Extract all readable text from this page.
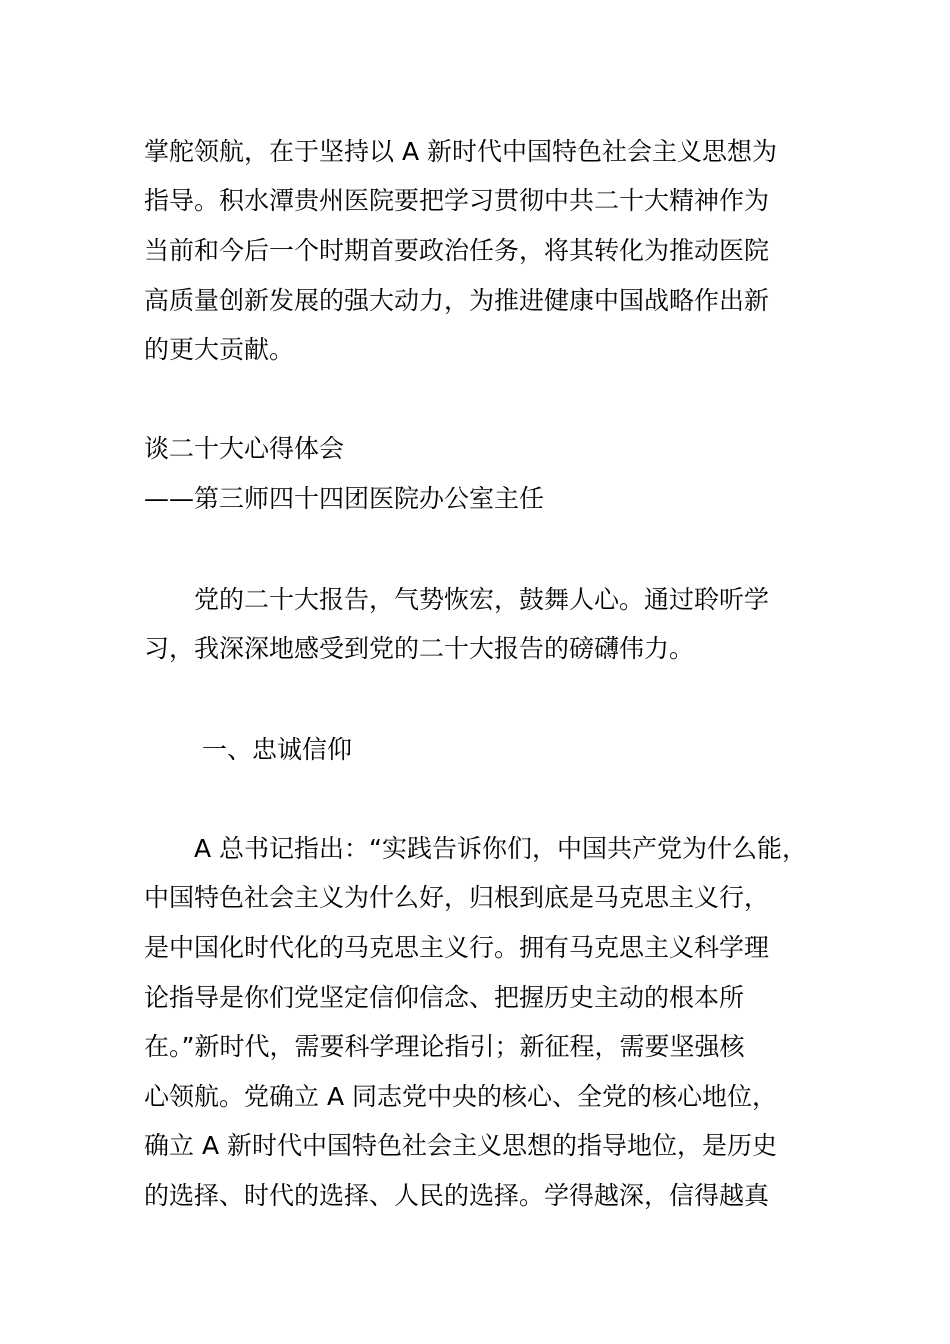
掌舵领航，在于坚持以 A 新时代中国特色社会主义思想为
指导。积水潭贵州医院要把学习贯彻中共二十大精神作为
当前和今后一个时期首要政治任务，将其转化为推动医院
高质量创新发展的强大动力，为推进健康中国战略作出新
的更大贡献。
谈二十大心得体会
——第三师四十四团医院办公室主任
党的二十大报告，气势恢宏，鼓舞人心。通过聆听学
习，我深深地感受到党的二十大报告的磅礴伟力。
一、忠诚信仰
A 总书记指出：“实践告诉你们，中国共产党为什么能，
中国特色社会主义为什么好，归根到底是马克思主义行，
是中国化时代化的马克思主义行。拥有马克思主义科学理
论指导是你们党坚定信仰信念、把握历史主动的根本所
在。”新时代，需要科学理论指引；新征程，需要坚强核
心领航。党确立 A 同志党中央的核心、全党的核心地位，
确立 A 新时代中国特色社会主义思想的指导地位，是历史
的选择、时代的选择、人民的选择。学得越深，信得越真
